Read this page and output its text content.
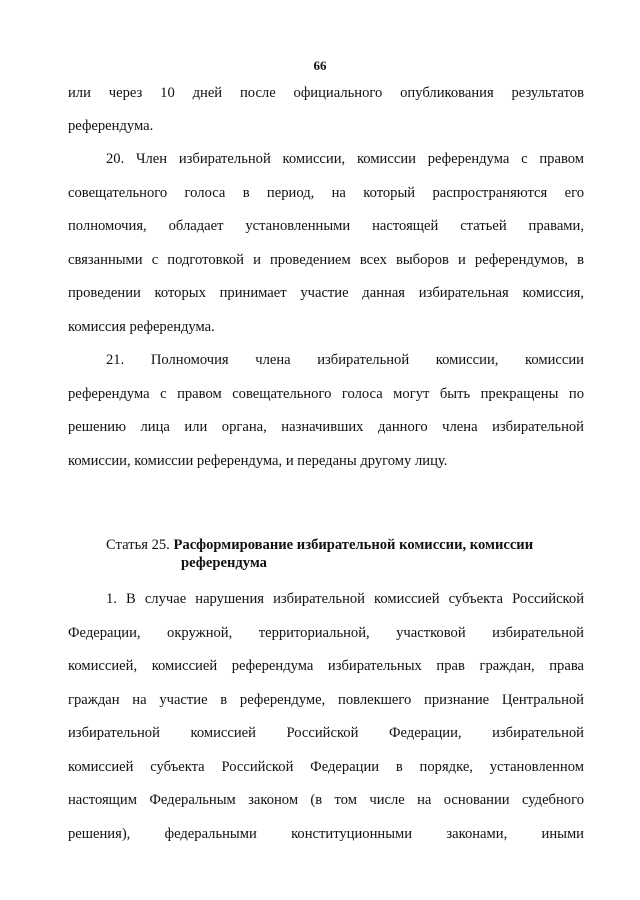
66
или через 10 дней после официального опубликования результатов
референдума.
20. Член избирательной комиссии, комиссии референдума с правом
совещательного голоса в период, на который распространяются его
полномочия, обладает установленными настоящей статьей правами,
связанными с подготовкой и проведением всех выборов и референдумов, в
проведении которых принимает участие данная избирательная комиссия,
комиссия референдума.
21. Полномочия члена избирательной комиссии, комиссии
референдума с правом совещательного голоса могут быть прекращены по
решению лица или органа, назначивших данного члена избирательной
комиссии, комиссии референдума, и переданы другому лицу.
Статья 25. Расформирование избирательной комиссии, комиссии
референдума
1. В случае нарушения избирательной комиссией субъекта Российской
Федерации, окружной, территориальной, участковой избирательной
комиссией, комиссией референдума избирательных прав граждан, права
граждан на участие в референдуме, повлекшего признание Центральной
избирательной комиссией Российской Федерации, избирательной
комиссией субъекта Российской Федерации в порядке, установленном
настоящим Федеральным законом (в том числе на основании судебного
решения), федеральными конституционными законами, иными
